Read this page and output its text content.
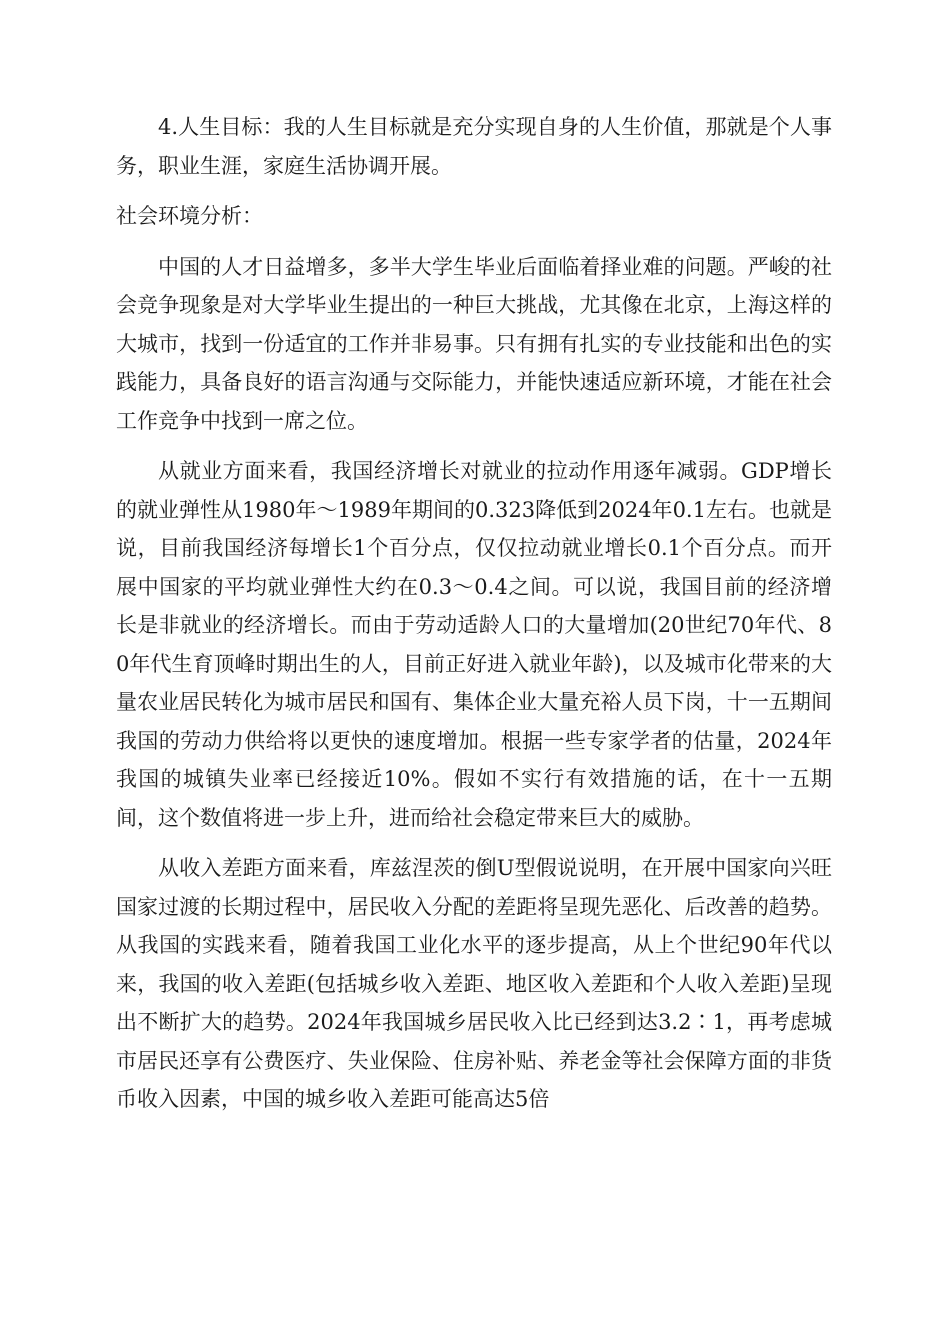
4.人生目标：我的人生目标就是充分实现自身的人生价值，那就是个人事务，职业生涯，家庭生活协调开展。

社会环境分析：

中国的人才日益增多，多半大学生毕业后面临着择业难的问题。严峻的社会竞争现象是对大学毕业生提出的一种巨大挑战，尤其像在北京，上海这样的大城市，找到一份适宜的工作并非易事。只有拥有扎实的专业技能和出色的实践能力，具备良好的语言沟通与交际能力，并能快速适应新环境，才能在社会工作竞争中找到一席之位。

从就业方面来看，我国经济增长对就业的拉动作用逐年减弱。GDP增长的就业弹性从1980年～1989年期间的0.323降低到2024年0.1左右。也就是说，目前我国经济每增长1个百分点，仅仅拉动就业增长0.1个百分点。而开展中国家的平均就业弹性大约在0.3～0.4之间。可以说，我国目前的经济增长是非就业的经济增长。而由于劳动适龄人口的大量增加(20世纪70年代、80年代生育顶峰时期出生的人，目前正好进入就业年龄)，以及城市化带来的大量农业居民转化为城市居民和国有、集体企业大量充裕人员下岗，十一五期间我国的劳动力供给将以更快的速度增加。根据一些专家学者的估量，2024年我国的城镇失业率已经接近10%。假如不实行有效措施的话，在十一五期间，这个数值将进一步上升，进而给社会稳定带来巨大的威胁。

从收入差距方面来看，库兹涅茨的倒U型假说说明，在开展中国家向兴旺国家过渡的长期过程中，居民收入分配的差距将呈现先恶化、后改善的趋势。从我国的实践来看，随着我国工业化水平的逐步提高，从上个世纪90年代以来，我国的收入差距(包括城乡收入差距、地区收入差距和个人收入差距)呈现出不断扩大的趋势。2024年我国城乡居民收入比已经到达3.2∶1，再考虑城市居民还享有公费医疗、失业保险、住房补贴、养老金等社会保障方面的非货币收入因素，中国的城乡收入差距可能高达5倍
